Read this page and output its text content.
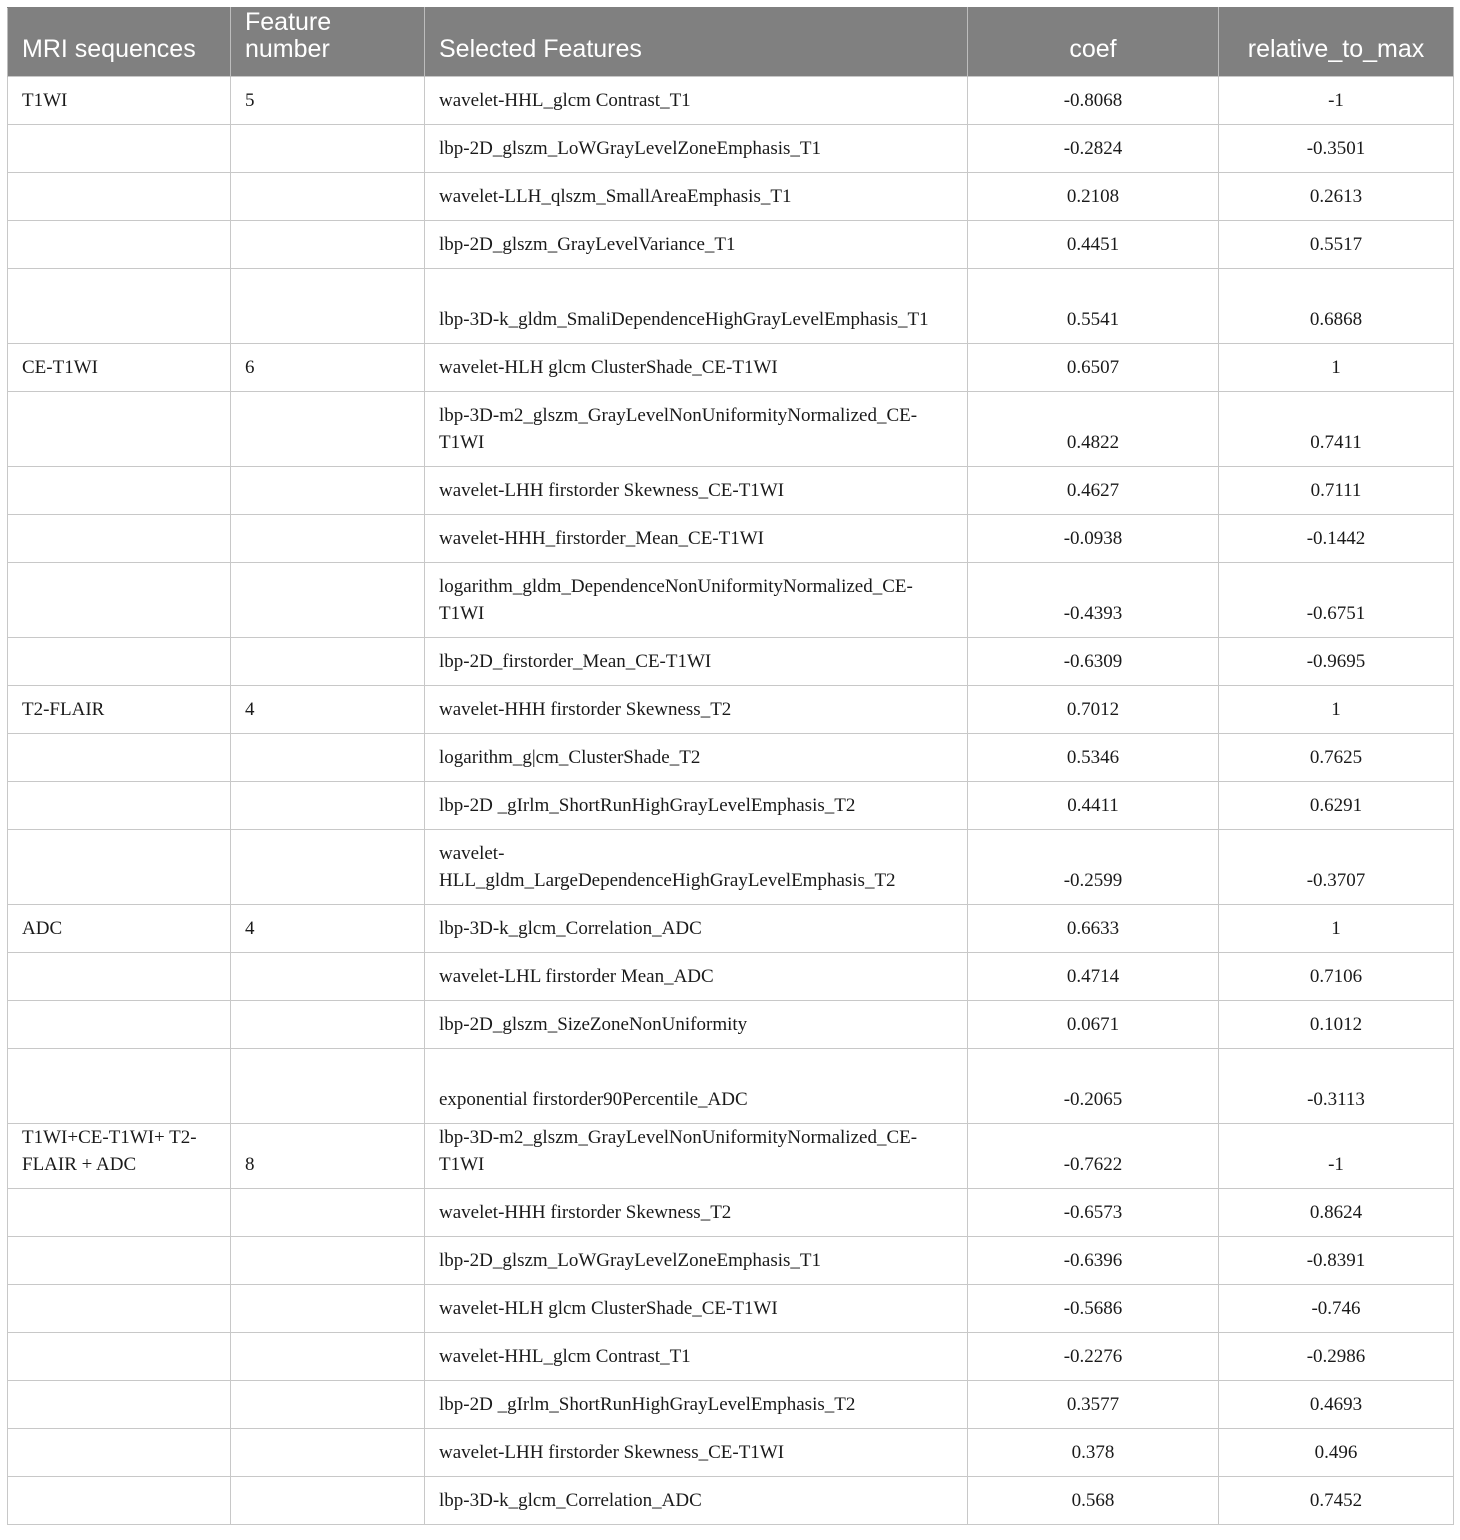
MRI sequences	Feature number	Selected Features	coef	relative_to_max
T1WI	5	wavelet-HHL_glcm Contrast_T1	-0.8068	-1
		lbp-2D_glszm_LoWGrayLevelZoneEmphasis_T1	-0.2824	-0.3501
		wavelet-LLH_qlszm_SmallAreaEmphasis_T1	0.2108	0.2613
		lbp-2D_glszm_GrayLevelVariance_T1	0.4451	0.5517
		lbp-3D-k_gldm_SmaliDependenceHighGrayLevelEmphasis_T1	0.5541	0.6868
CE-T1WI	6	wavelet-HLH glcm ClusterShade_CE-T1WI	0.6507	1
		lbp-3D-m2_glszm_GrayLevelNonUniformityNormalized_CE-T1WI	0.4822	0.7411
		wavelet-LHH firstorder Skewness_CE-T1WI	0.4627	0.7111
		wavelet-HHH_firstorder_Mean_CE-T1WI	-0.0938	-0.1442
		logarithm_gldm_DependenceNonUniformityNormalized_CE-T1WI	-0.4393	-0.6751
		lbp-2D_firstorder_Mean_CE-T1WI	-0.6309	-0.9695
T2-FLAIR	4	wavelet-HHH firstorder Skewness_T2	0.7012	1
		logarithm_g|cm_ClusterShade_T2	0.5346	0.7625
		lbp-2D _gIrlm_ShortRunHighGrayLevelEmphasis_T2	0.4411	0.6291
		wavelet-HLL_gldm_LargeDependenceHighGrayLevelEmphasis_T2	-0.2599	-0.3707
ADC	4	lbp-3D-k_glcm_Correlation_ADC	0.6633	1
		wavelet-LHL firstorder Mean_ADC	0.4714	0.7106
		lbp-2D_glszm_SizeZoneNonUniformity	0.0671	0.1012
		exponential firstorder90Percentile_ADC	-0.2065	-0.3113
T1WI+CE-T1WI+ T2-FLAIR + ADC	8	lbp-3D-m2_glszm_GrayLevelNonUniformityNormalized_CE-T1WI	-0.7622	-1
		wavelet-HHH firstorder Skewness_T2	-0.6573	0.8624
		lbp-2D_glszm_LoWGrayLevelZoneEmphasis_T1	-0.6396	-0.8391
		wavelet-HLH glcm ClusterShade_CE-T1WI	-0.5686	-0.746
		wavelet-HHL_glcm Contrast_T1	-0.2276	-0.2986
		lbp-2D _gIrlm_ShortRunHighGrayLevelEmphasis_T2	0.3577	0.4693
		wavelet-LHH firstorder Skewness_CE-T1WI	0.378	0.496
		lbp-3D-k_glcm_Correlation_ADC	0.568	0.7452
